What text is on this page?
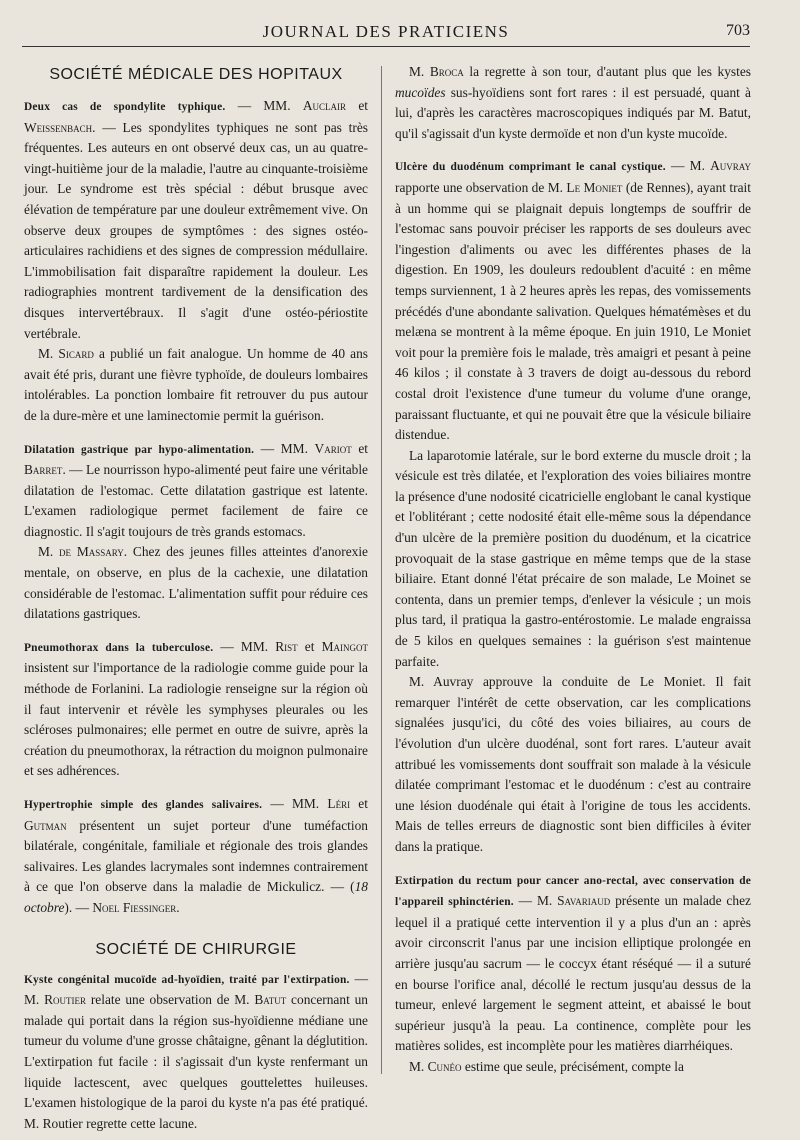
JOURNAL DES PRATICIENS	703
SOCIÉTÉ MÉDICALE DES HOPITAUX

Deux cas de spondylite typhique. — MM. Auclair et Weissenbach. — Les spondylites typhiques ne sont pas très fréquentes. Les auteurs en ont observé deux cas, un au quatre-vingt-huitième jour de la maladie, l'autre au cinquante-troisième jour. Le syndrome est très spécial : début brusque avec élévation de température par une douleur extrêmement vive. On observe deux groupes de symptômes : des signes ostéo-articulaires rachidiens et des signes de compression médullaire. L'immobilisation fait disparaître rapidement la douleur. Les radiographies montrent tardivement de la densification des disques intervertébraux. Il s'agit d'une ostéo-périostite vertébrale.

M. Sicard a publié un fait analogue. Un homme de 40 ans avait été pris, durant une fièvre typhoïde, de douleurs lombaires intolérables. La ponction lombaire fit retrouver du pus autour de la dure-mère et une laminectomie permit la guérison.

Dilatation gastrique par hypo-alimentation. — MM. Variot et Barret. — Le nourrisson hypo-alimenté peut faire une véritable dilatation de l'estomac. Cette dilatation gastrique est latente. L'examen radiologique permet facilement de faire ce diagnostic. Il s'agit toujours de très grands estomacs.

M. de Massary. Chez des jeunes filles atteintes d'anorexie mentale, on observe, en plus de la cachexie, une dilatation considérable de l'estomac. L'alimentation suffit pour réduire ces dilatations gastriques.

Pneumothorax dans la tuberculose. — MM. Rist et Maingot insistent sur l'importance de la radiologie comme guide pour la méthode de Forlanini. La radiologie renseigne sur la région où il faut intervenir et révèle les symphyses pleurales ou les scléroses pulmonaires; elle permet en outre de suivre, après la création du pneumothorax, la rétraction du moignon pulmonaire et ses adhérences.

Hypertrophie simple des glandes salivaires. — MM. Léri et Gutman présentent un sujet porteur d'une tuméfaction bilatérale, congénitale, familiale et régionale des trois glandes salivaires. Les glandes lacrymales sont indemnes contrairement à ce que l'on observe dans la maladie de Mickulicz. — (18 octobre). — Noel Fiessinger.

SOCIÉTÉ DE CHIRURGIE

Kyste congénital mucoïde ad-hyoïdien, traité par l'extirpation. — M. Routier relate une observation de M. Batut concernant un malade qui portait dans la région sus-hyoïdienne médiane une tumeur du volume d'une grosse châtaigne, gênant la déglutition. L'extirpation fut facile : il s'agissait d'un kyste renfermant un liquide lactescent, avec quelques gouttelettes huileuses. L'examen histologique de la paroi du kyste n'a pas été pratiqué. M. Routier regrette cette lacune.

M. Broca la regrette à son tour, d'autant plus que les kystes mucoïdes sus-hyoïdiens sont fort rares : il est persuadé, quant à lui, d'après les caractères macroscopiques indiqués par M. Batut, qu'il s'agissait d'un kyste dermoïde et non d'un kyste mucoïde.

Ulcère du duodénum comprimant le canal cystique. — M. Auvray rapporte une observation de M. Le Moniet (de Rennes), ayant trait à un homme qui se plaignait depuis longtemps de souffrir de l'estomac sans pouvoir préciser les rapports de ses douleurs avec l'ingestion d'aliments ou avec les différentes phases de la digestion. En 1909, les douleurs redoublent d'acuité : en même temps surviennent, 1 à 2 heures après les repas, des vomissements précédés d'une abondante salivation. Quelques hématémèses et du melæna se montrent à la même époque. En juin 1910, Le Moniet voit pour la première fois le malade, très amaigri et pesant à peine 46 kilos ; il constate à 3 travers de doigt au-dessous du rebord costal droit l'existence d'une tumeur du volume d'une orange, paraissant fluctuante, et qui ne pouvait être que la vésicule biliaire distendue.

La laparotomie latérale, sur le bord externe du muscle droit ; la vésicule est très dilatée, et l'exploration des voies biliaires montre la présence d'une nodosité cicatricielle englobant le canal kystique et l'oblitérant ; cette nodosité était elle-même sous la dépendance d'un ulcère de la première position du duodénum, et la cicatrice provoquait de la stase gastrique en même temps que de la stase biliaire. Etant donné l'état précaire de son malade, Le Moinet se contenta, dans un premier temps, d'enlever la vésicule ; un mois plus tard, il pratiqua la gastro-entérostomie. Le malade engraissa de 5 kilos en quelques semaines : la guérison s'est maintenue parfaite.

M. Auvray approuve la conduite de Le Moniet. Il fait remarquer l'intérêt de cette observation, car les complications signalées jusqu'ici, du côté des voies biliaires, au cours de l'évolution d'un ulcère duodénal, sont fort rares. L'auteur avait attribué les vomissements dont souffrait son malade à la vésicule dilatée comprimant l'estomac et le duodénum : c'est au contraire une lésion duodénale qui était à l'origine de tous les accidents. Mais de telles erreurs de diagnostic sont bien difficiles à éviter dans la pratique.

Extirpation du rectum pour cancer ano-rectal, avec conservation de l'appareil sphinctérien. — M. Savariaud présente un malade chez lequel il a pratiqué cette intervention il y a plus d'un an : après avoir circonscrit l'anus par une incision elliptique prolongée en arrière jusqu'au sacrum — le coccyx étant réséqué — il a suturé en bourse l'orifice anal, décollé le rectum jusqu'au dessus de la tumeur, enlevé largement le segment atteint, et abaissé le bout supérieur jusqu'à la peau. La continence, complète pour les matières solides, est incomplète pour les matières diarrhéiques.

M. Cunéo estime que seule, précisément, compte la
